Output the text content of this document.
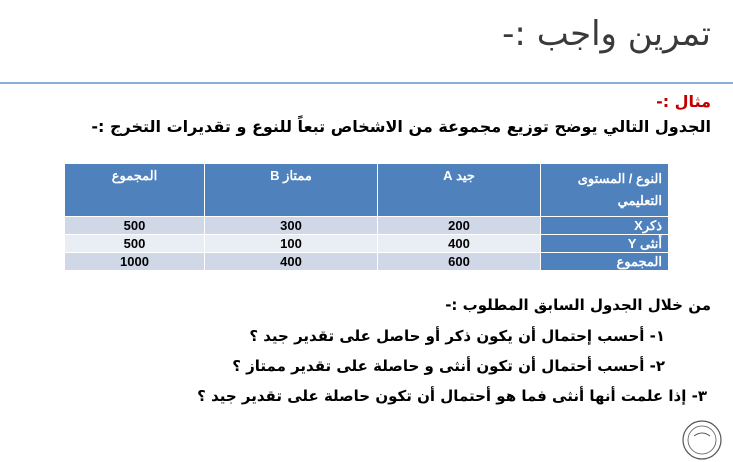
تمرين واجب :-
مثال :-
الجدول التالي يوضح توزيع مجموعة من الاشخاص تبعاً للنوع و تقديرات التخرج :-
النوع / المستوى التعليمي	جيد A	ممتاز B	المجموع
ذكرX	200	300	500
أنثى Y	400	100	500
المجموع	600	400	1000
من خلال الجدول السابق المطلوب :-
١- أحسب إحتمال أن يكون ذكر أو حاصل على تقدير جيد ؟
٢- أحسب أحتمال أن تكون أنثى و حاصلة على تقدير ممتاز ؟
٣- إذا علمت أنها أنثى فما هو أحتمال أن تكون حاصلة على تقدير جيد ؟
